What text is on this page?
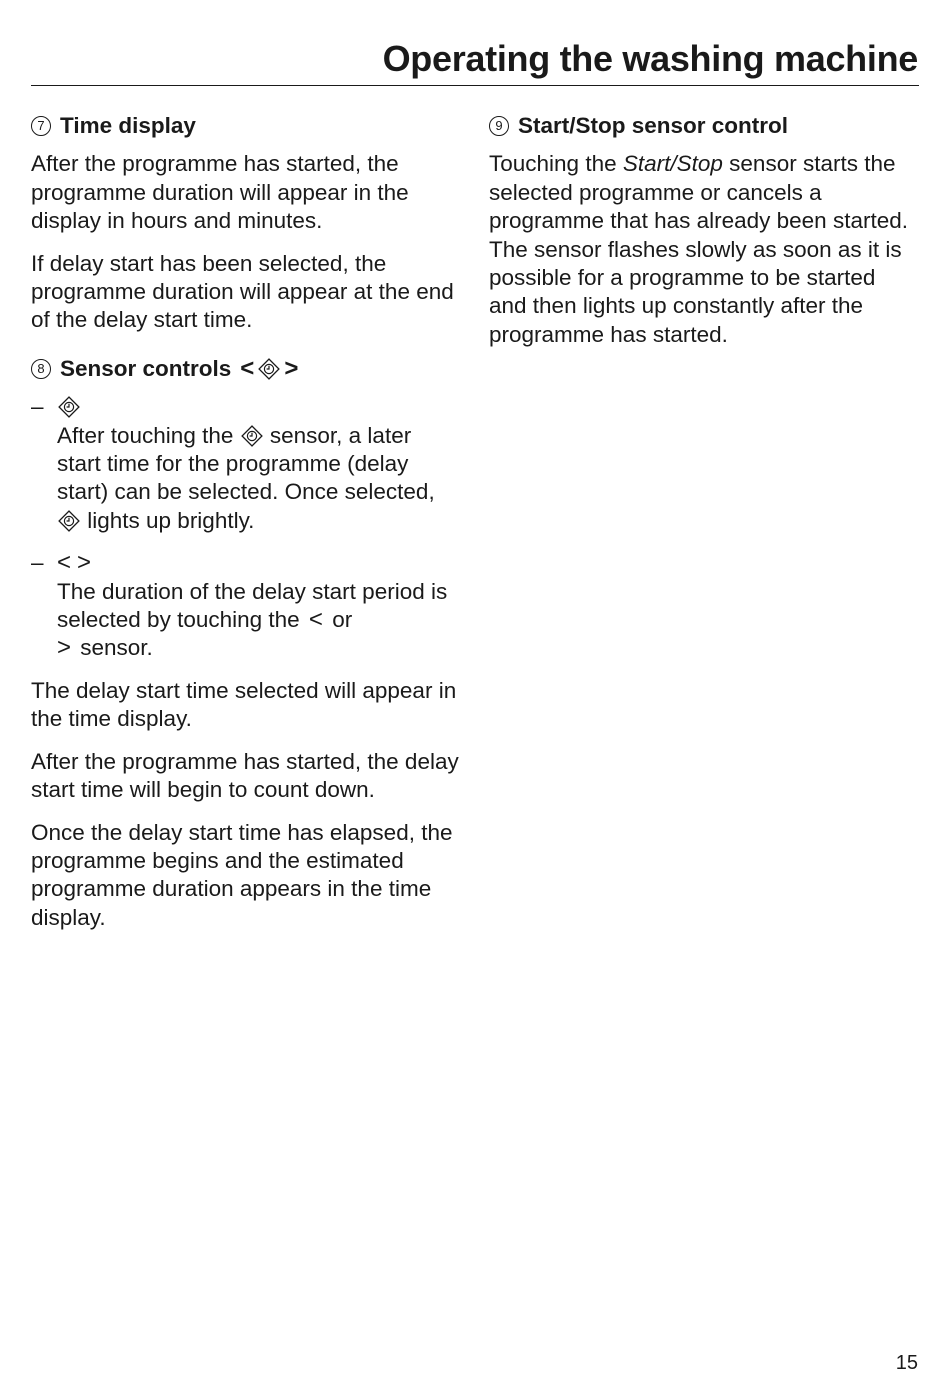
Operating the washing machine
7 Time display

After the programme has started, the programme duration will appear in the display in hours and minutes.

If delay start has been selected, the programme duration will appear at the end of the delay start time.

8 Sensor controls < >
–
After touching the
sensor, a later start time for the programme (delay start) can be selected. Once selected,
lights up brightly.
– < >
The duration of the delay start period is selected by touching the < or
> sensor.

The delay start time selected will appear in the time display.

After the programme has started, the delay start time will begin to count down.

Once the delay start time has elapsed, the programme begins and the estimated programme duration appears in the time display.

9 Start/Stop sensor control

Touching the Start/Stop sensor starts the selected programme or cancels a programme that has already been started. The sensor flashes slowly as soon as it is possible for a programme to be started and then lights up constantly after the programme has started.

15
